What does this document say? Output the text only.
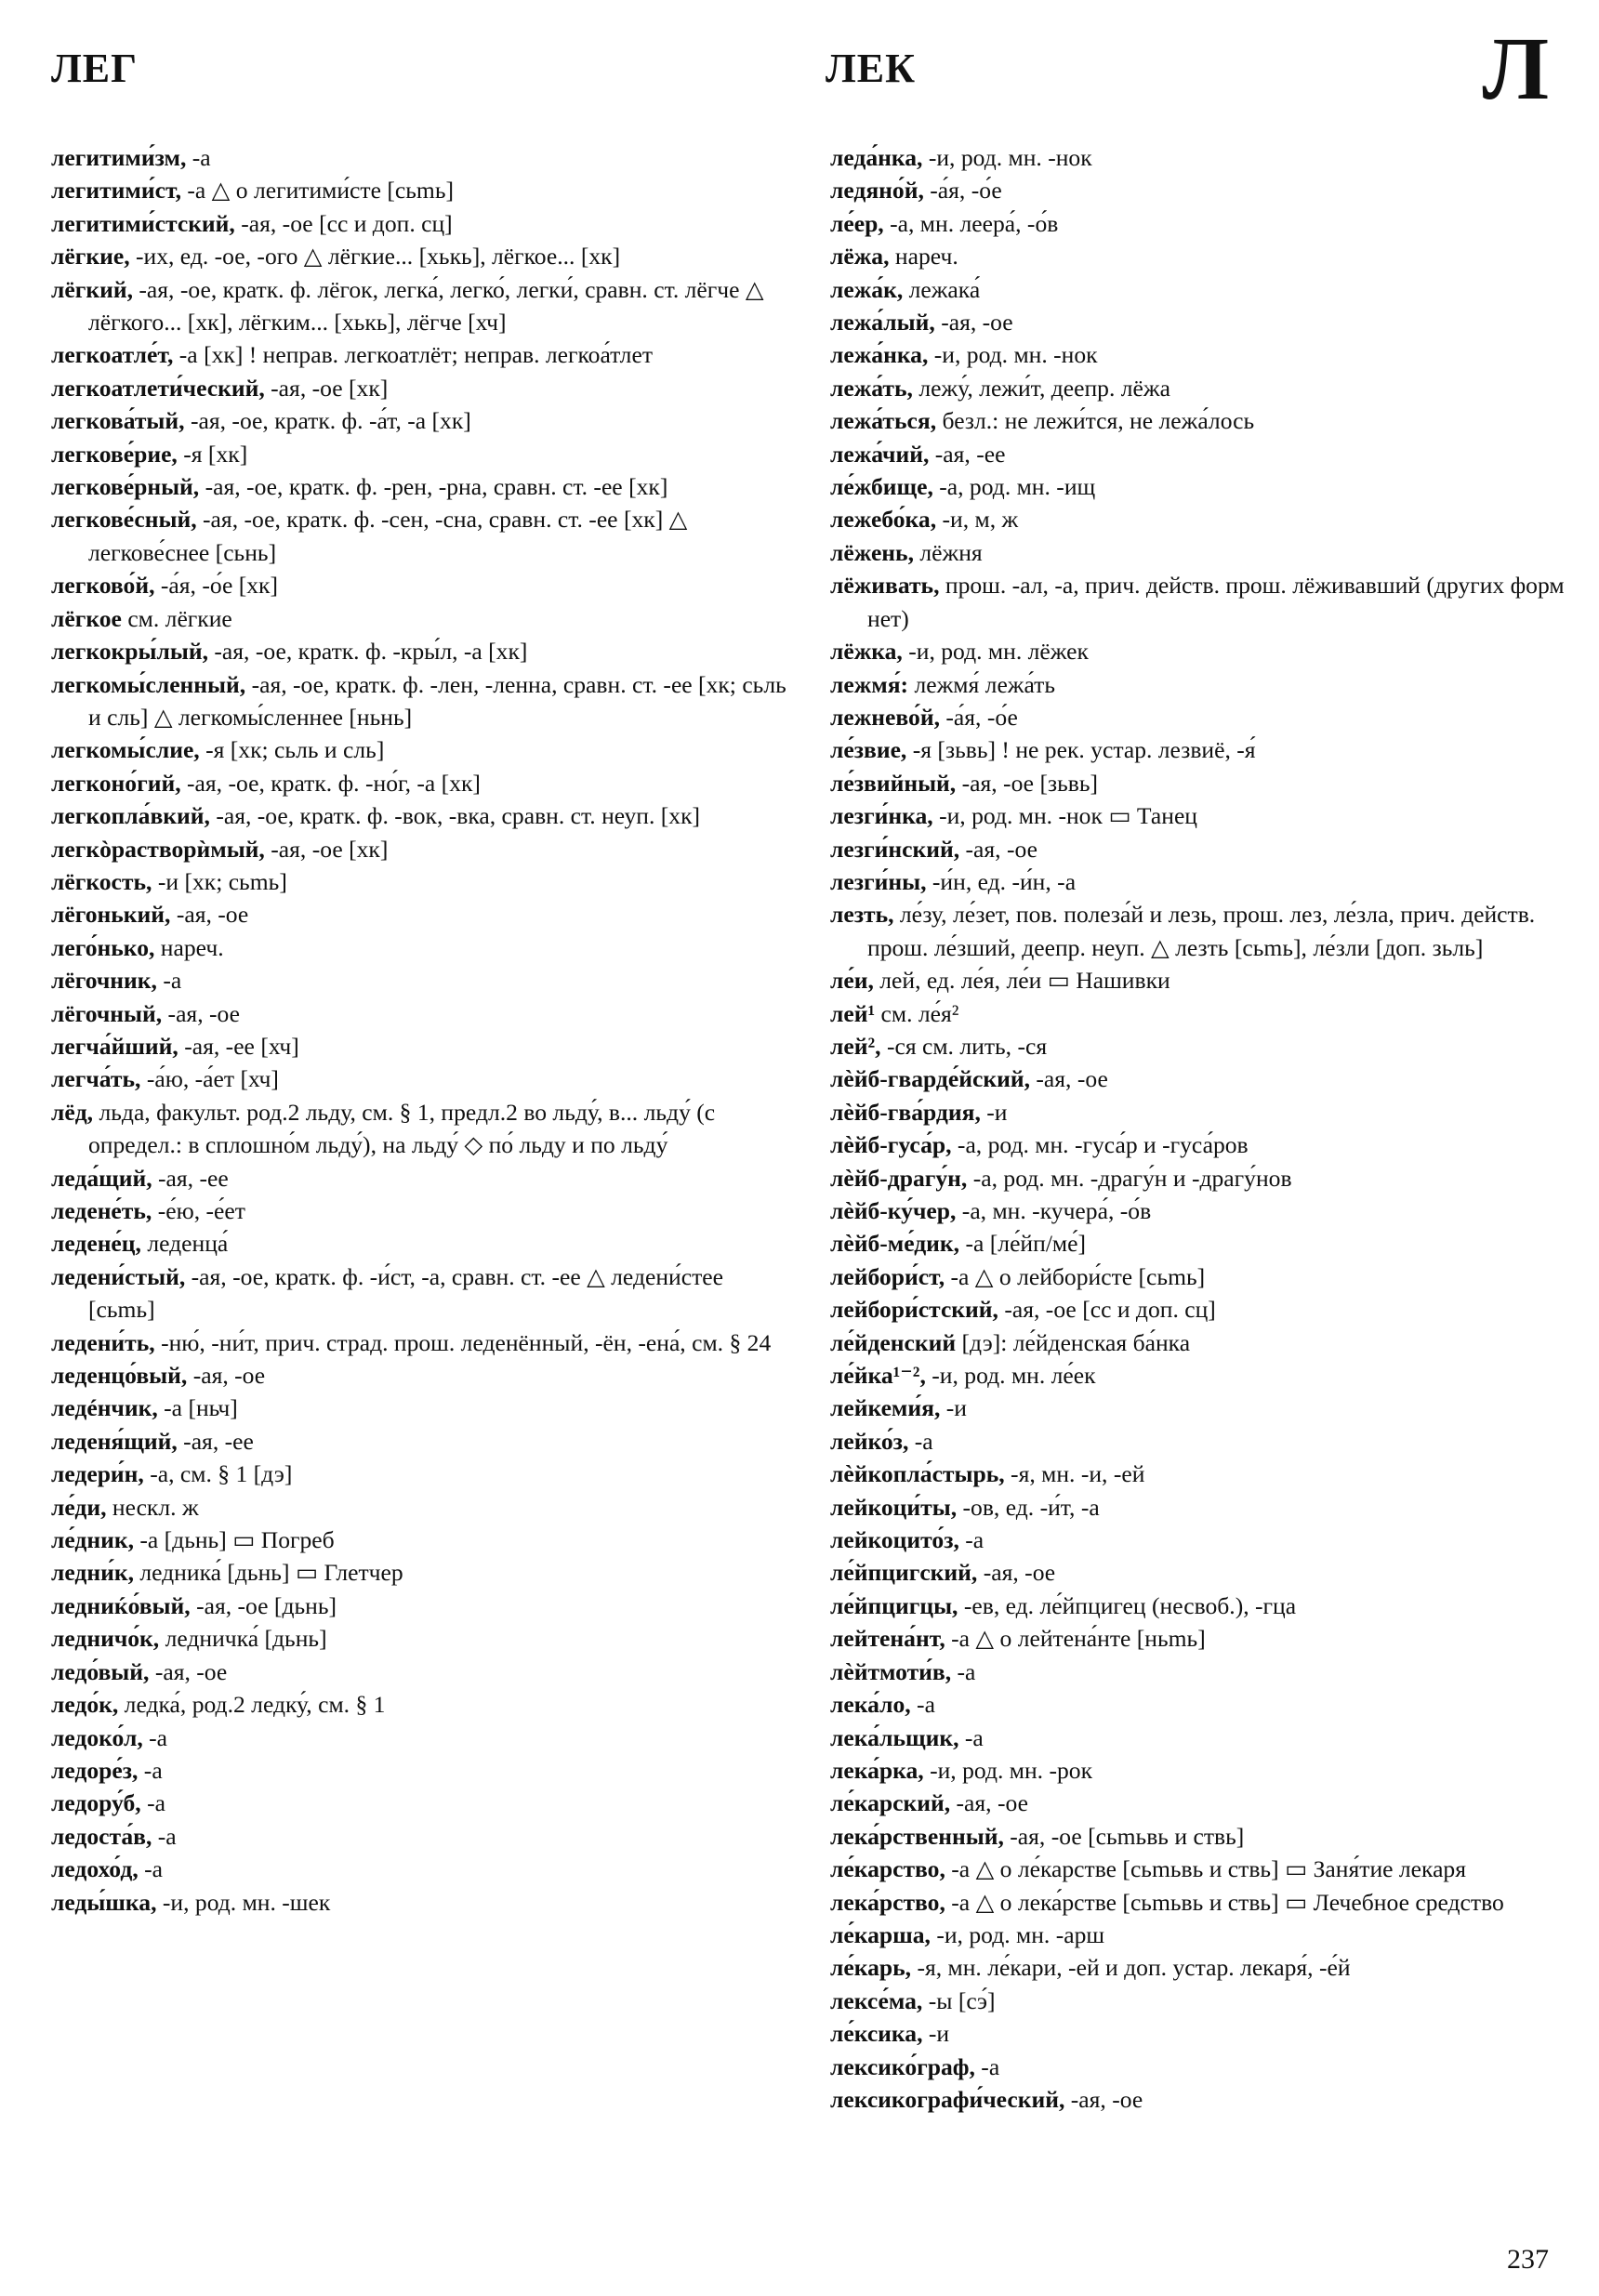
ЛЕГ	ЛЕК	Л
легитими́зм, -а
легитими́ст, -а △ о легитими́сте [cьmь]
легитими́стский, -ая, -ое [сс и доп. сц]
лёгкие, -их, ед. -ое, -ого △ лёгкие... [хькь], лёгкое... [хк]
лёгкий, -ая, -ое, кратк. ф. лёгок, легка́, легко́, легки́, сравн. ст. лёгче △ лёгкого... [хк], лёгким... [хькь], лёгче [хч]
легкоатле́т, -а [хк] ! неправ. легкоатлёт; неправ. легкоа́тлет
легкоатлети́ческий, -ая, -ое [хк]
легкова́тый, -ая, -ое, кратк. ф. -а́т, -а [хк]
легкове́рие, -я [хк]
легкове́рный, -ая, -ое, кратк. ф. -рен, -рна, сравн. ст. -ее [хк]
легкове́сный, -ая, -ое, кратк. ф. -сен, -сна, сравн. ст. -ее [хк] △ легкове́снее [cьнь]
легково́й, -а́я, -о́е [хк]
лёгкое см. лёгкие
легкокры́лый, -ая, -ое, кратк. ф. -кры́л, -а [хк]
легкомы́сленный, -ая, -ое, кратк. ф. -лен, -ленна, сравн. ст. -ее [хк; cьль и сль] △ легкомы́сленнее [ньнь]
легкомы́слие, -я [хк; cьль и сль]
легконо́гий, -ая, -ое, кратк. ф. -но́г, -а [хк]
легкопла́вкий, -ая, -ое, кратк. ф. -вок, -вка, сравн. ст. неуп. [хк]
легкòрастворѝмый, -ая, -ое [хк]
лёгкость, -и [хк; cьmь]
лёгонький, -ая, -ое
лего́нько, нареч.
лёгочник, -а
лёгочный, -ая, -ое
легча́йший, -ая, -ее [хч]
легча́ть, -а́ю, -а́ет [хч]
лёд, льда, факульт. род.2 льду, см. § 1, предл.2 во льду́, в... льду́ (с определ.: в сплошно́м льду́), на льду́ ◇ по́ льду и по льду́
леда́щий, -ая, -ее
ледене́ть, -е́ю, -е́ет
ледене́ц, леденца́
ледени́стый, -ая, -ое, кратк. ф. -и́ст, -а, сравн. ст. -ее △ ледени́стее [cьmь]
ледени́ть, -ню́, -ни́т, прич. страд. прош. леденённый, -ён, -ена́, см. § 24
леденцо́вый, -ая, -ое
ледéнчик, -а [ньч]
леденя́щий, -ая, -ее
ледери́н, -а, см. § 1 [дэ]
ле́ди, нескл. ж
ле́дник, -а [дьнь] ▭ Погреб
ледни́к, ледника́ [дьнь] ▭ Глетчер
ледниќо́вый, -ая, -ое [дьнь]
ледничо́к, ледничка́ [дьнь]
ледо́вый, -ая, -ое
ледо́к, ледка́, род.2 ледку́, см. § 1
ледоко́л, -а
ледоре́з, -а
ледору́б, -а
ледоста́в, -а
ледохо́д, -а
леды́шка, -и, род. мн. -шек
леда́нка, -и, род. мн. -нок
ледяно́й, -а́я, -о́е
ле́ер, -а, мн. леера́, -о́в
лёжа, нареч.
лежа́к, лежака́
лежа́лый, -ая, -ое
лежа́нка, -и, род. мн. -нок
лежа́ть, лежу́, лежи́т, деепр. лёжа
лежа́ться, безл.: не лежи́тся, не лежа́лось
лежа́чий, -ая, -ее
ле́жбище, -а, род. мн. -ищ
лежебо́ка, -и, м, ж
лёжень, лёжня
лёживать, прош. -ал, -а, прич. действ. прош. лёживавший (других форм нет)
лёжка, -и, род. мн. лёжек
лежмя́: лежмя́ лежа́ть
лежнево́й, -а́я, -о́е
ле́звие, -я [зьвь] ! не рек. устар. лезвиё, -я́
ле́звийный, -ая, -ое [зьвь]
лезги́нка, -и, род. мн. -нок ▭ Танец
лезги́нский, -ая, -ое
лезги́ны, -и́н, ед. -и́н, -а
лезть, ле́зу, ле́зет, пов. полеза́й и лезь, прош. лез, ле́зла, прич. действ. прош. ле́зший, деепр. неуп. △ лезть [cьmь], ле́зли [доп. зьль]
ле́и, лей, ед. ле́я, ле́и ▭ Нашивки
лей¹ см. ле́я²
лей², -ся см. лить, -ся
лѐйб-гварде́йский, -ая, -ое
лѐйб-гва́рдия, -и
лѐйб-гуса́р, -а, род. мн. -гуса́р и -гуса́ров
лѐйб-драгу́н, -а, род. мн. -драгу́н и -драгу́нов
лѐйб-ку́чер, -а, мн. -кучера́, -о́в
лѐйб-ме́дик, -а [ле́йп/ме́]
лейбори́ст, -а △ о лейбори́сте [cьmь]
лейбори́стский, -ая, -ое [сс и доп. сц]
ле́йденский [дэ]: ле́йденская ба́нка
ле́йка¹⁻², -и, род. мн. ле́ек
лейкеми́я, -и
лейко́з, -а
лѐйкопла́стырь, -я, мн. -и, -ей
лейкоци́ты, -ов, ед. -и́т, -а
лейкоцито́з, -а
ле́йпцигский, -ая, -ое
ле́йпцигцы, -ев, ед. ле́йпцигец (несвоб.), -гца
лейтена́нт, -а △ о лейтена́нте [ньmь]
лѐйтмоти́в, -а
лека́ло, -а
лека́льщик, -а
лека́рка, -и, род. мн. -рок
ле́карский, -ая, -ое
лека́рственный, -ая, -ое [cьmьвь и ствь]
ле́карство, -а △ о ле́карстве [cьmьвь и ствь] ▭ Заня́тие лекаря
лека́рство, -а △ о лека́рстве [cьmьвь и ствь] ▭ Лечебное средство
ле́карша, -и, род. мн. -арш
ле́карь, -я, мн. ле́кари, -ей и доп. устар. лекаря́, -е́й
лексе́ма, -ы [сэ́]
ле́ксика, -и
лексико́граф, -а
лексикографи́ческий, -ая, -ое
237
